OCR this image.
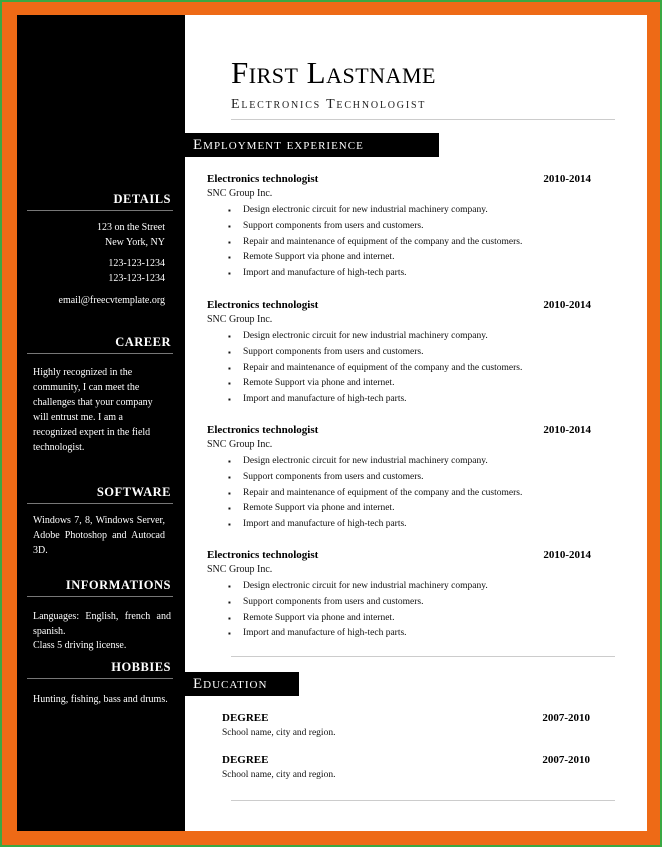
DETAILS
123 on the Street
New York, NY
123-123-1234
123-123-1234
email@freecvtemplate.org
CAREER
Highly recognized in the community, I can meet the challenges that your company will entrust me. I am a recognized expert in the field technologist.
SOFTWARE
Windows 7, 8, Windows Server, Adobe Photoshop and Autocad 3D.
INFORMATIONS
Languages: English, french and spanish.
Class 5 driving license.
HOBBIES
Hunting, fishing, bass and drums.
First Lastname
Electronics Technologist
Employment experience
Electronics technologist	2010-2014
SNC Group Inc.
▪ Design electronic circuit for new industrial machinery company.
▪ Support components from users and customers.
▪ Repair and maintenance of equipment of the company and the customers.
▪ Remote Support via phone and internet.
▪ Import and manufacture of high-tech parts.
Electronics technologist	2010-2014
SNC Group Inc.
▪ Design electronic circuit for new industrial machinery company.
▪ Support components from users and customers.
▪ Repair and maintenance of equipment of the company and the customers.
▪ Remote Support via phone and internet.
▪ Import and manufacture of high-tech parts.
Electronics technologist	2010-2014
SNC Group Inc.
▪ Design electronic circuit for new industrial machinery company.
▪ Support components from users and customers.
▪ Repair and maintenance of equipment of the company and the customers.
▪ Remote Support via phone and internet.
▪ Import and manufacture of high-tech parts.
Electronics technologist	2010-2014
SNC Group Inc.
▪ Design electronic circuit for new industrial machinery company.
▪ Support components from users and customers.
▪ Remote Support via phone and internet.
▪ Import and manufacture of high-tech parts.
Education
DEGREE	2007-2010
School name, city and region.
DEGREE	2007-2010
School name, city and region.
